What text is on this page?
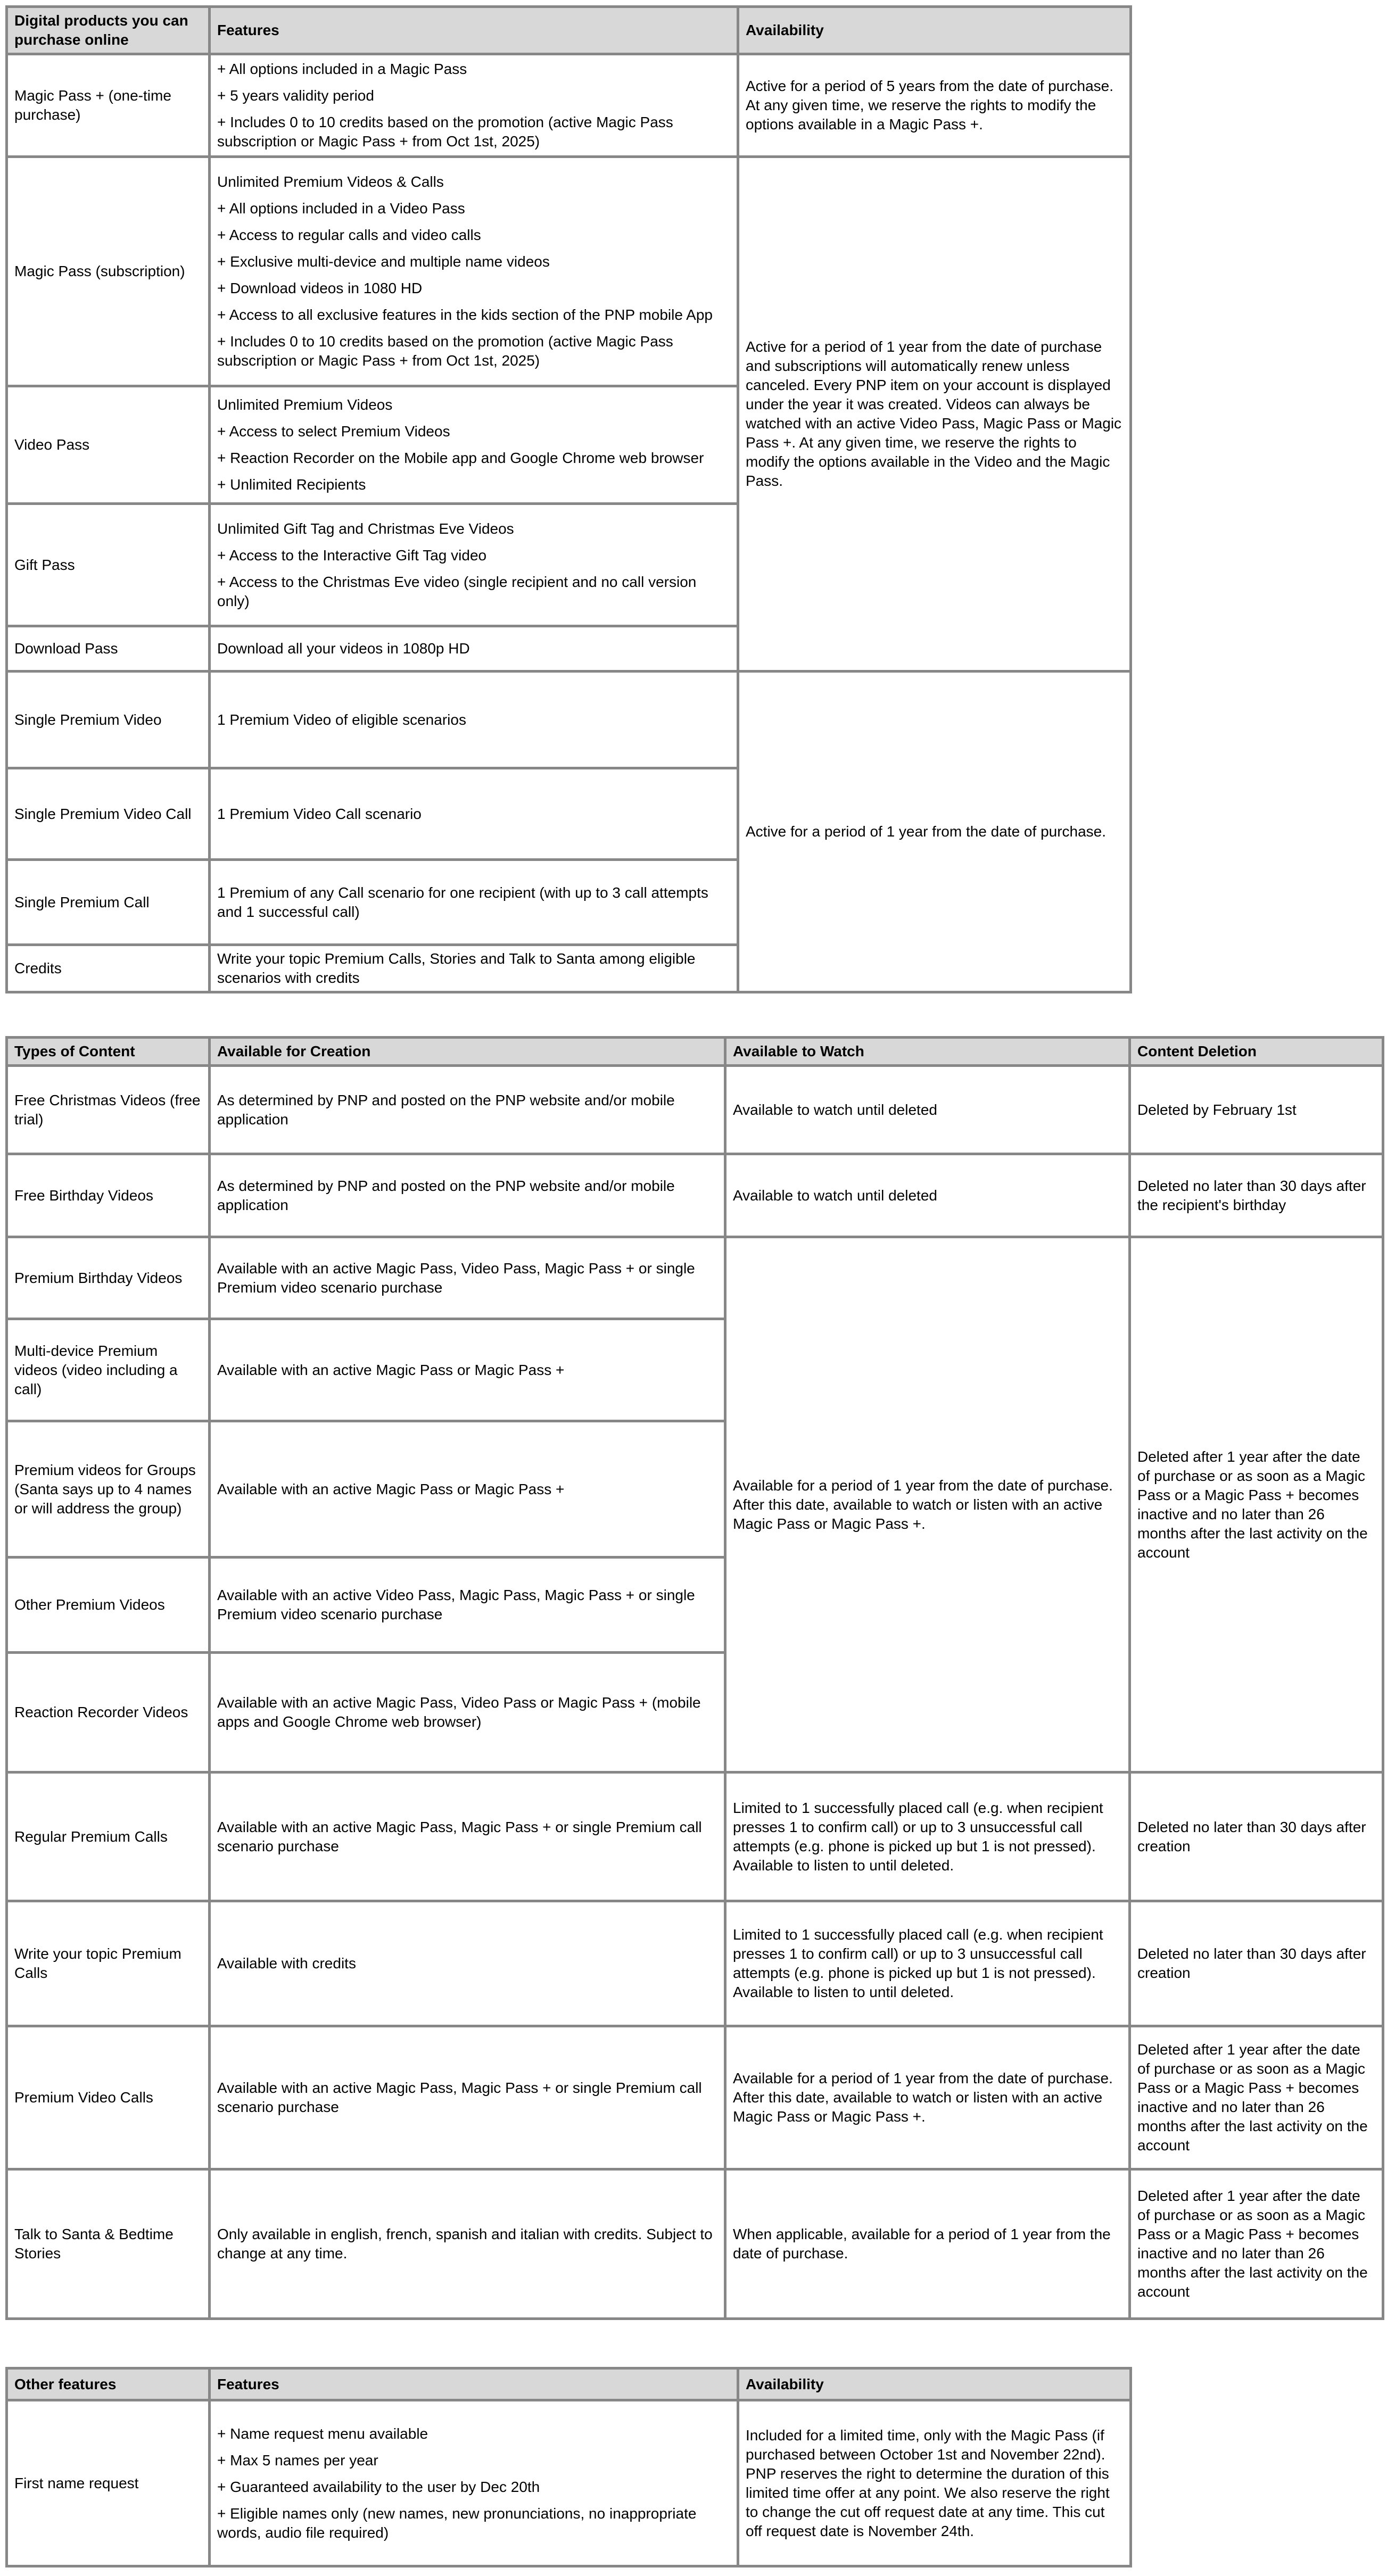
Digital products you can purchase online	Features	Availability
Magic Pass + (one-time purchase)	+ All options included in a Magic Pass

+ 5 years validity period

+ Includes 0 to 10 credits based on the promotion (active Magic Pass subscription or Magic Pass + from Oct 1st, 2025)	Active for a period of 5 years from the date of purchase. At any given time, we reserve the rights to modify the options available in a Magic Pass +.
Magic Pass (subscription)	

Unlimited Premium Videos & Calls

+ All options included in a Video Pass

+ Access to regular calls and video calls

+ Exclusive multi-device and multiple name videos

+ Download videos in 1080 HD

+ Access to all exclusive features in the kids section of the PNP mobile App

+ Includes 0 to 10 credits based on the promotion (active Magic Pass subscription or Magic Pass + from Oct 1st, 2025)

	Active for a period of 1 year from the date of purchase and subscriptions will automatically renew unless canceled. Every PNP item on your account is displayed under the year it was created. Videos can always be watched with an active Video Pass, Magic Pass or Magic Pass +. At any given time, we reserve the rights to modify the options available in the Video and the Magic Pass.
Video Pass	Unlimited Premium Videos

+ Access to select Premium Videos

+ Reaction Recorder on the Mobile app and Google Chrome web browser

+ Unlimited Recipients	

Gift Pass	Unlimited Gift Tag and Christmas Eve Videos

+ Access to the Interactive Gift Tag video

+ Access to the Christmas Eve video (single recipient and no call version only)	

Download Pass	Download all your videos in 1080p HD	

Single Premium Video	1 Premium Video of eligible scenarios	Active for a period of 1 year from the date of purchase.
Single Premium Video Call	1 Premium Video Call scenario	

Single Premium Call	1 Premium of any Call scenario for one recipient (with up to 3 call attempts and 1 successful call)	

Credits	Write your topic Premium Calls, Stories and Talk to Santa among eligible scenarios with credits	

Types of Content	Available for Creation	Available to Watch	Content Deletion
Free Christmas Videos (free trial)	As determined by PNP and posted on the PNP website and/or mobile application	Available to watch until deleted	Deleted by February 1st
Free Birthday Videos	As determined by PNP and posted on the PNP website and/or mobile application	Available to watch until deleted	Deleted no later than 30 days after the recipient's birthday
Premium Birthday Videos	Available with an active Magic Pass, Video Pass, Magic Pass + or single Premium video scenario purchase	Available for a period of 1 year from the date of purchase. After this date, available to watch or listen with an active Magic Pass or Magic Pass +.	Deleted after 1 year after the date of purchase or as soon as a Magic Pass or a Magic Pass + becomes inactive and no later than 26 months after the last activity on the account
Multi-device Premium videos (video including a call)	Available with an active Magic Pass or Magic Pass +		
Premium videos for Groups (Santa says up to 4 names or will address the group)	Available with an active Magic Pass or Magic Pass +		
Other Premium Videos	Available with an active Video Pass, Magic Pass, Magic Pass + or single Premium video scenario purchase		
Reaction Recorder Videos	Available with an active Magic Pass, Video Pass or Magic Pass + (mobile apps and Google Chrome web browser)		
Regular Premium Calls	Available with an active Magic Pass, Magic Pass + or single Premium call scenario purchase	Limited to 1 successfully placed call (e.g. when recipient presses 1 to confirm call) or up to 3 unsuccessful call attempts (e.g. phone is picked up but 1 is not pressed). Available to listen to until deleted.	Deleted no later than 30 days after creation
Write your topic Premium Calls	Available with credits	Limited to 1 successfully placed call (e.g. when recipient presses 1 to confirm call) or up to 3 unsuccessful call attempts (e.g. phone is picked up but 1 is not pressed). Available to listen to until deleted.	Deleted no later than 30 days after creation
Premium Video Calls	Available with an active Magic Pass, Magic Pass + or single Premium call scenario purchase	Available for a period of 1 year from the date of purchase. After this date, available to watch or listen with an active Magic Pass or Magic Pass +.	Deleted after 1 year after the date of purchase or as soon as a Magic Pass or a Magic Pass + becomes inactive and no later than 26 months after the last activity on the account
Talk to Santa & Bedtime Stories	Only available in english, french, spanish and italian with credits. Subject to change at any time.	When applicable, available for a period of 1 year from the date of purchase.	Deleted after 1 year after the date of purchase or as soon as a Magic Pass or a Magic Pass + becomes inactive and no later than 26 months after the last activity on the account
Other features	Features	Availability
First name request	

+ Name request menu available

+ Max 5 names per year

+ Guaranteed availability to the user by Dec 20th

+ Eligible names only (new names, new pronunciations, no inappropriate words, audio file required)

	Included for a limited time, only with the Magic Pass (if purchased between October 1st and November 22nd). PNP reserves the right to determine the duration of this limited time offer at any point. We also reserve the right to change the cut off request date at any time. This cut off request date is November 24th.
